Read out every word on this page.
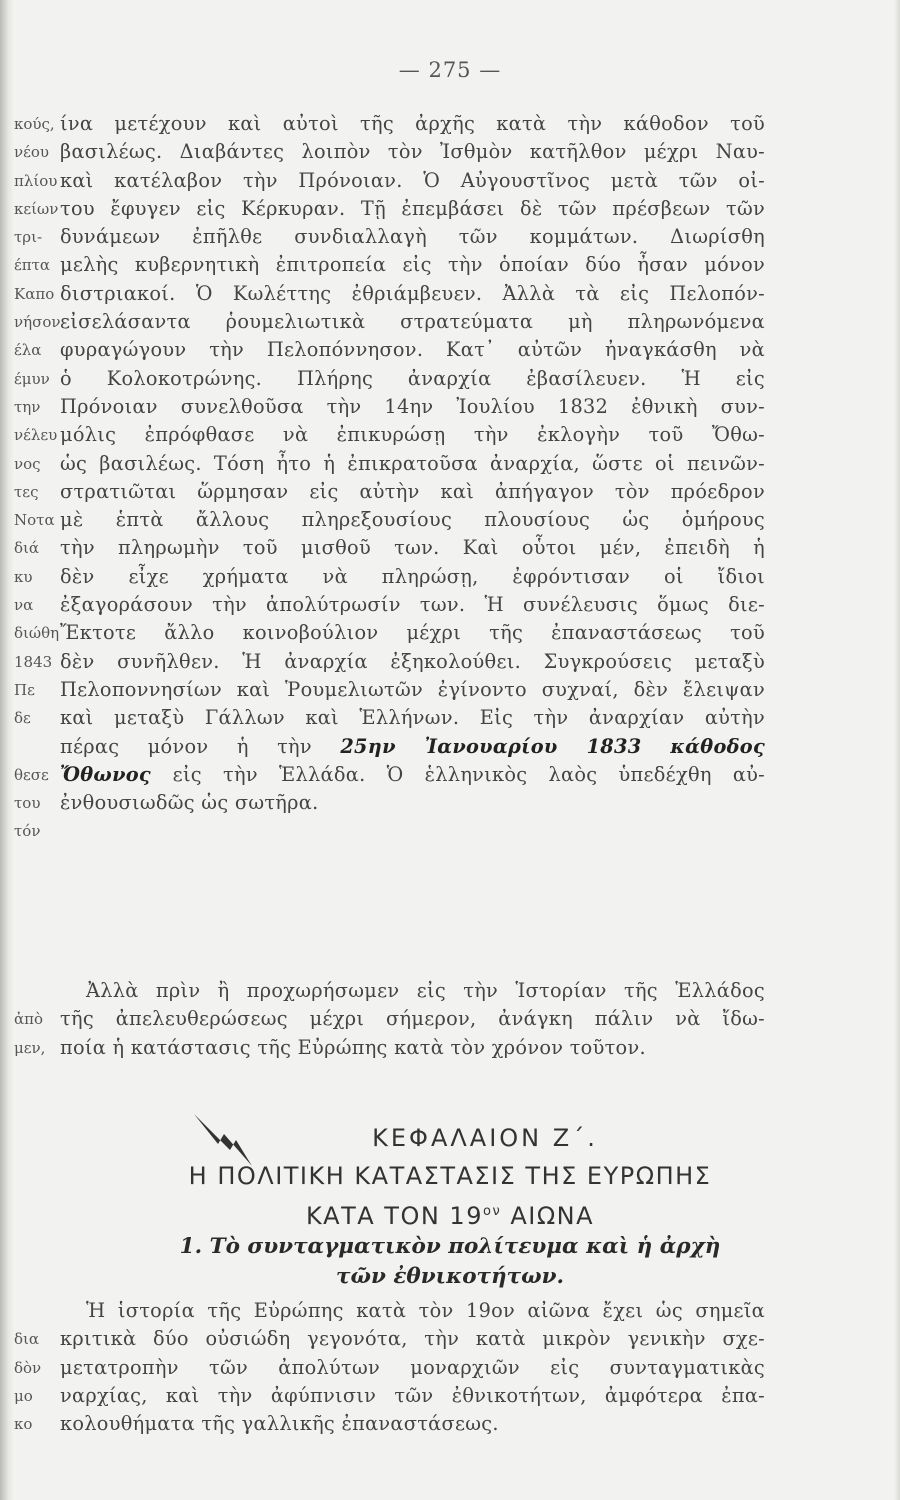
— 275 —
κούς,
νέου
πλίου
κείων
τρι-
έπτα
Καπο
νήσον
έλα
έμυν
την
νέλευ
νος
τες
Νοτα
διά
κυ
να
διώθη
1843
Πε
δε
θεσε
του
τόν
ίνα μετέχουν καὶ αὐτοὶ τῆς ἀρχῆς κατὰ τὴν κάθοδον τοῦ
βασιλέως. Διαβάντες λοιπὸν τὸν Ἰσθμὸν κατῆλθον μέχρι Ναυ-
καὶ κατέλαβον τὴν Πρόνοιαν. Ὁ Αὐγουστῖνος μετὰ τῶν οἰ-
του ἔφυγεν εἰς Κέρκυραν. Τῇ ἐπεμβάσει δὲ τῶν πρέσβεων τῶν
δυνάμεων ἐπῆλθε συνδιαλλαγὴ τῶν κομμάτων. Διωρίσθη
μελὴς κυβερνητικὴ ἐπιτροπεία εἰς τὴν ὁποίαν δύο ἦσαν μόνον
διστριακοί. Ὁ Κωλέττης ἐθριάμβευεν. Ἀλλὰ τὰ εἰς Πελοπόν-
εἰσελάσαντα ῥουμελιωτικὰ στρατεύματα μὴ πληρωνόμενα
φυραγώγουν τὴν Πελοπόννησον. Κατ᾽ αὐτῶν ἠναγκάσθη νὰ
ὁ Κολοκοτρώνης. Πλήρης ἀναρχία ἐβασίλευεν. Ἡ εἰς
Πρόνοιαν συνελθοῦσα τὴν 14ην Ἰουλίου 1832 ἐθνικὴ συν-
μόλις ἐπρόφθασε νὰ ἐπικυρώσῃ τὴν ἐκλογὴν τοῦ Ὄθω-
ὡς βασιλέως. Τόση ἦτο ἡ ἐπικρατοῦσα ἀναρχία, ὥστε οἱ πεινῶν-
στρατιῶται ὥρμησαν εἰς αὐτὴν καὶ ἀπήγαγον τὸν πρόεδρον
μὲ ἑπτὰ ἄλλους πληρεξουσίους πλουσίους ὡς ὁμήρους
τὴν πληρωμὴν τοῦ μισθοῦ των. Καὶ οὗτοι μέν, ἐπειδὴ ἡ
δὲν εἶχε χρήματα νὰ πληρώσῃ, ἐφρόντισαν οἱ ἴδιοι
ἐξαγοράσουν τὴν ἀπολύτρωσίν των. Ἡ συνέλευσις ὅμως διε-
Ἔκτοτε ἄλλο κοινοβούλιον μέχρι τῆς ἐπαναστάσεως τοῦ
δὲν συνῆλθεν. Ἡ ἀναρχία ἐξηκολούθει. Συγκρούσεις μεταξὺ
Πελοποννησίων καὶ Ῥουμελιωτῶν ἐγίνοντο συχναί, δὲν ἔλειψαν
καὶ μεταξὺ Γάλλων καὶ Ἑλλήνων. Εἰς τὴν ἀναρχίαν αὐτὴν
πέρας μόνον ἡ τὴν 25ην Ἰανουαρίου 1833 κάθοδος
Ὄθωνος εἰς τὴν Ἑλλάδα. Ὁ ἑλληνικὸς λαὸς ὑπεδέχθη αὐ-
ἐνθουσιωδῶς ὡς σωτῆρα.
ἀπὸ
μεν,
Ἀλλὰ πρὶν ἢ προχωρήσωμεν εἰς τὴν Ἱστορίαν τῆς Ἑλλάδος
τῆς ἀπελευθερώσεως μέχρι σήμερον, ἀνάγκη πάλιν νὰ ἴδω-
ποία ἡ κατάστασις τῆς Εὐρώπης κατὰ τὸν χρόνον τοῦτον.
ΚΕΦΑΛΑΙΟΝ Ζ΄.
Η ΠΟΛΙΤΙΚΗ ΚΑΤΑΣΤΑΣΙΣ ΤΗΣ ΕΥΡΩΠΗΣ
ΚΑΤΑ ΤΟΝ $19^{o\nu}$ ΑΙΩΝΑ
1. Τὸ συνταγματικὸν πολίτευμα καὶ ἡ ἀρχὴ
τῶν ἐθνικοτήτων.
δια
δὸν
μο
κο
Ἡ ἱστορία τῆς Εὐρώπης κατὰ τὸν 19ον αἰῶνα ἔχει ὡς σημεῖα
κριτικὰ δύο οὐσιώδη γεγονότα, τὴν κατὰ μικρὸν γενικὴν σχε-
μετατροπὴν τῶν ἀπολύτων μοναρχιῶν εἰς συνταγματικὰς
ναρχίας, καὶ τὴν ἀφύπνισιν τῶν ἐθνικοτήτων, ἀμφότερα ἐπα-
κολουθήματα τῆς γαλλικῆς ἐπαναστάσεως.
